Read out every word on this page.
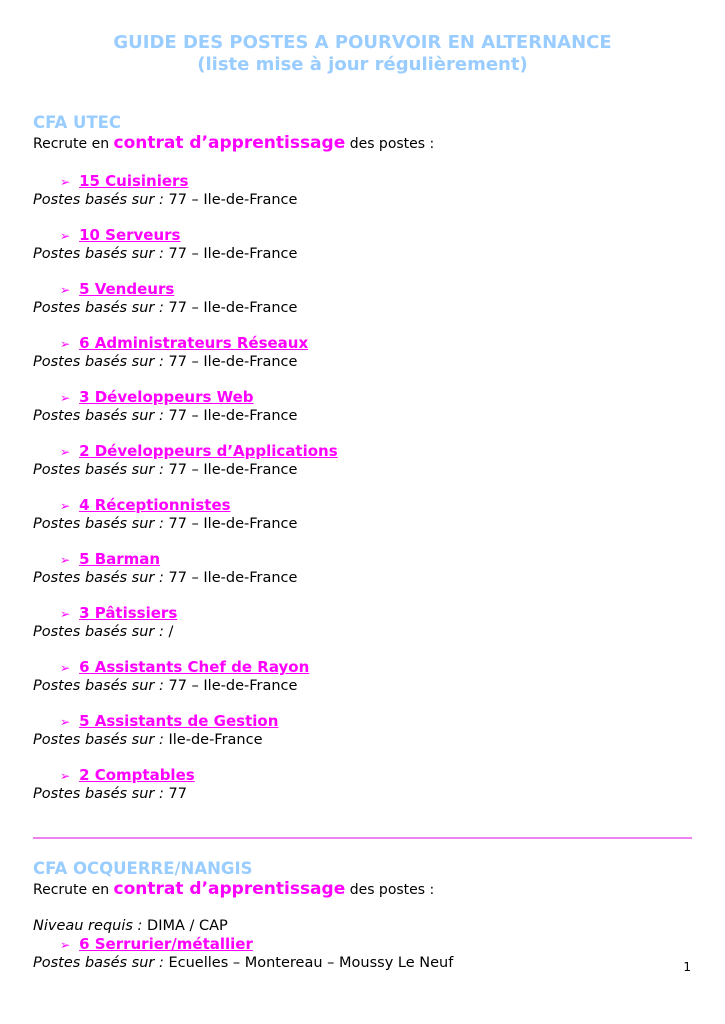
GUIDE DES POSTES A POURVOIR EN ALTERNANCE
(liste mise à jour régulièrement)
CFA UTEC
Recrute en contrat d’apprentissage des postes :
➢ 15 Cuisiniers
Postes basés sur : 77 – Ile-de-France
➢ 10 Serveurs
Postes basés sur : 77 – Ile-de-France
➢ 5 Vendeurs
Postes basés sur : 77 – Ile-de-France
➢ 6 Administrateurs Réseaux
Postes basés sur : 77 – Ile-de-France
➢ 3 Développeurs Web
Postes basés sur : 77 – Ile-de-France
➢ 2 Développeurs d’Applications
Postes basés sur : 77 – Ile-de-France
➢ 4 Réceptionnistes
Postes basés sur : 77 – Ile-de-France
➢ 5 Barman
Postes basés sur : 77 – Ile-de-France
➢ 3 Pâtissiers
Postes basés sur : /
➢ 6 Assistants Chef de Rayon
Postes basés sur : 77 – Ile-de-France
➢ 5 Assistants de Gestion
Postes basés sur : Ile-de-France
➢ 2 Comptables
Postes basés sur : 77
CFA OCQUERRE/NANGIS
Recrute en contrat d’apprentissage des postes :
Niveau requis : DIMA / CAP
➢ 6 Serrurier/métallier
Postes basés sur : Ecuelles – Montereau – Moussy Le Neuf	1
